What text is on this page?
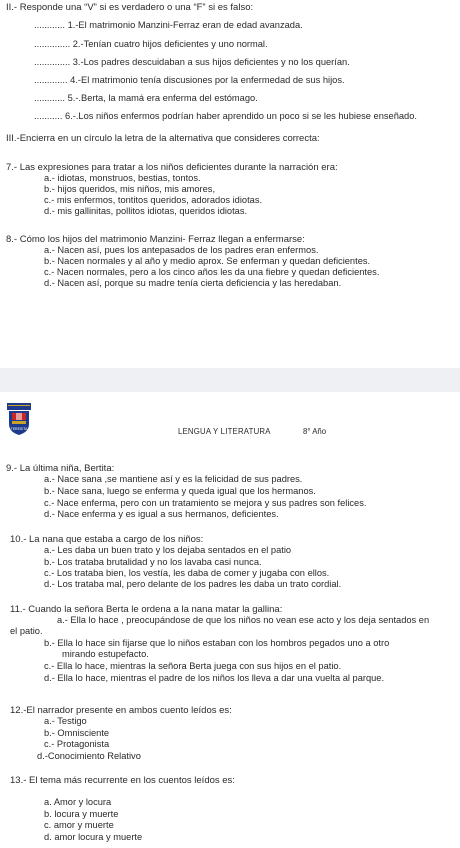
II.- Responde una “V” si es verdadero o una “F” si es falso:
............ 1.-El matrimonio Manzini-Ferraz eran de edad avanzada.
.............. 2.-Tenían cuatro hijos deficientes y uno normal.
.............. 3.-Los padres descuidaban a sus hijos deficientes y no los querían.
............. 4.-El matrimonio tenía discusiones por la enfermedad de sus hijos.
............ 5.-.Berta, la mamá era enferma del estómago.
........... 6.-.Los niños enfermos podrían haber aprendido un poco si se les hubiese enseñado.
III.-Encierra en un círculo la letra de la alternativa que consideres correcta:
7.- Las expresiones para tratar a los niños deficientes durante la narración era:
a.- idiotas, monstruos, bestias, tontos.
b.- hijos queridos, mis niños, mis amores,
c.- mis enfermos, tontitos queridos, adorados idiotas.
d.- mis gallinitas, pollitos idiotas, queridos idiotas.
8.- Cómo los hijos del matrimonio Manzini- Ferraz llegan a enfermarse:
a.- Nacen así, pues los antepasados de los padres eran enfermos.
b.- Nacen normales y al año y medio aprox. Se enferman y quedan deficientes.
c.- Nacen normales, pero a los cinco años les da una fiebre y quedan deficientes.
d.- Nacen así, porque su madre tenía cierta deficiencia y las heredaban.
TERESITA	LENGUA Y LITERATURA	8° Año
9.- La última niña, Bertita:
a.- Nace sana ,se mantiene así y es la felicidad de sus padres.
b.- Nace sana, luego se enferma y queda igual que los hermanos.
c.- Nace enferma, pero con un tratamiento se mejora y sus padres son felices.
d.- Nace enferma y es igual a sus hermanos, deficientes.
10.- La nana que estaba a cargo de los niños:
a.- Les daba un buen trato y los dejaba sentados en el patio
b.- Los trataba brutalidad y no los lavaba casi nunca.
c.- Los trataba bien, los vestía, les daba de comer y jugaba con ellos.
d.- Los trataba mal, pero delante de los padres les daba un trato cordial.
11.- Cuando la señora Berta le ordena a la nana matar la gallina:
a.- Ella lo hace , preocupándose de que los niños no vean ese acto y los deja sentados en
el patio.
b.- Ella lo hace sin fijarse que lo niños estaban con los hombros pegados uno a otro
mirando estupefacto.
c.- Ella lo hace, mientras la señora Berta juega con sus hijos en el patio.
d.- Ella lo hace, mientras el padre de los niños los lleva a dar una vuelta al parque.
12.-El narrador presente en ambos cuento leídos es:
a.- Testigo
b.- Omnisciente
c.- Protagonista
d.-Conocimiento Relativo
13.- El tema más recurrente en los cuentos leídos es:
a. Amor y locura
b. locura y muerte
c. amor y muerte
d. amor locura y muerte
